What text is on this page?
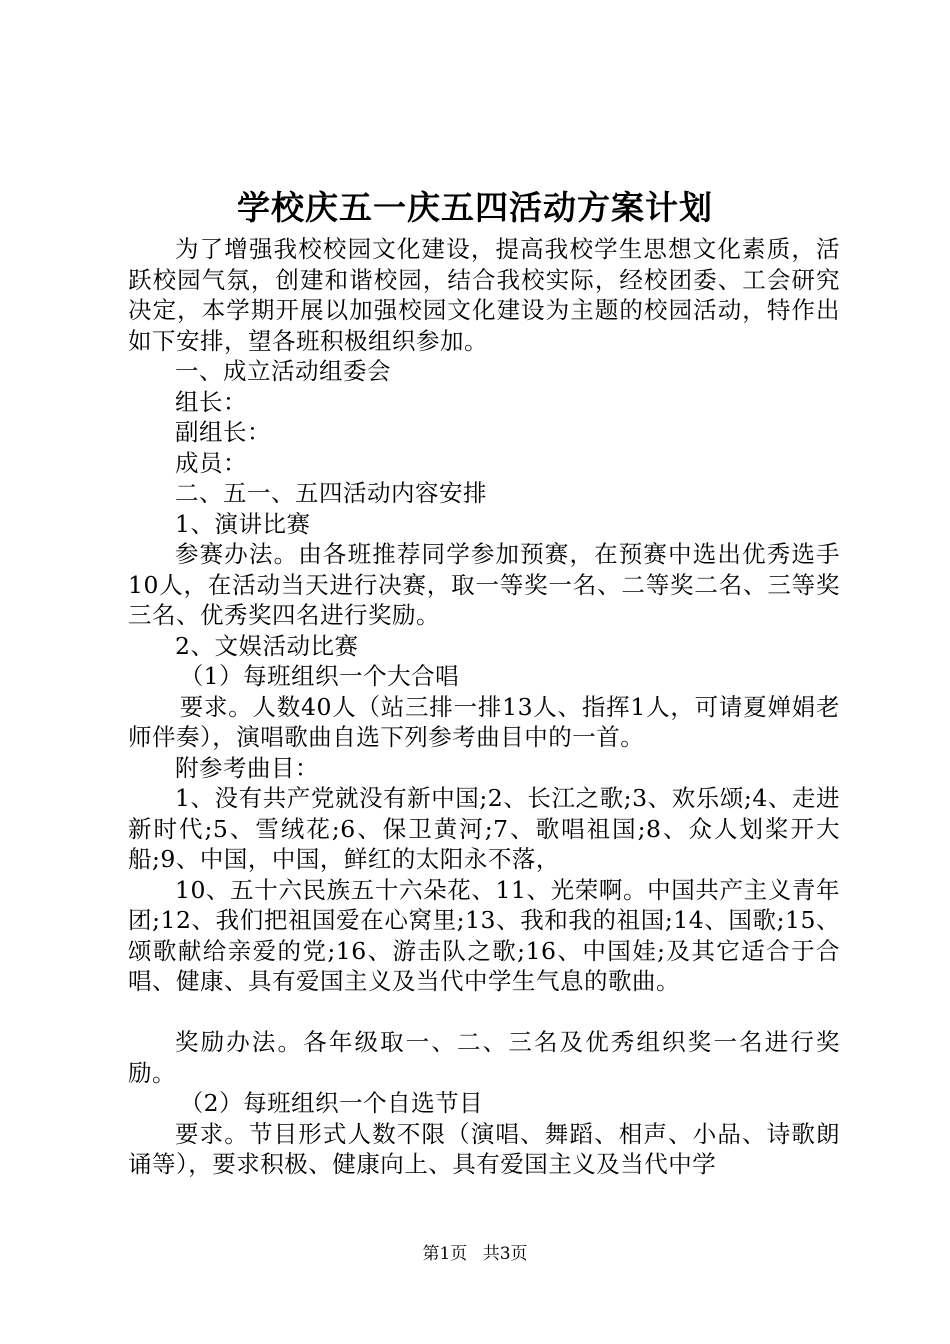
学校庆五一庆五四活动方案计划

为了增强我校校园文化建设，提高我校学生思想文化素质，活跃校园气氛，创建和谐校园，结合我校实际，经校团委、工会研究决定，本学期开展以加强校园文化建设为主题的校园活动，特作出如下安排，望各班积极组织参加。

一、成立活动组委会

组长：

副组长：

成员：

二、五一、五四活动内容安排

1、演讲比赛

参赛办法。由各班推荐同学参加预赛，在预赛中选出优秀选手10人，在活动当天进行决赛，取一等奖一名、二等奖二名、三等奖三名、优秀奖四名进行奖励。

2、文娱活动比赛

（1）每班组织一个大合唱

要求。人数40人（站三排一排13人、指挥1人，可请夏婵娟老师伴奏），演唱歌曲自选下列参考曲目中的一首。

附参考曲目：

1、没有共产党就没有新中国;2、长江之歌;3、欢乐颂;4、走进新时代;5、雪绒花;6、保卫黄河;7、歌唱祖国;8、众人划桨开大船;9、中国，中国，鲜红的太阳永不落，

10、五十六民族五十六朵花、11、光荣啊。中国共产主义青年团;12、我们把祖国爱在心窝里;13、我和我的祖国;14、国歌;15、颂歌献给亲爱的党;16、游击队之歌;16、中国娃;及其它适合于合唱、健康、具有爱国主义及当代中学生气息的歌曲。

奖励办法。各年级取一、二、三名及优秀组织奖一名进行奖励。

（2）每班组织一个自选节目

要求。节目形式人数不限（演唱、舞蹈、相声、小品、诗歌朗诵等），要求积极、健康向上、具有爱国主义及当代中学

第1页 共3页
